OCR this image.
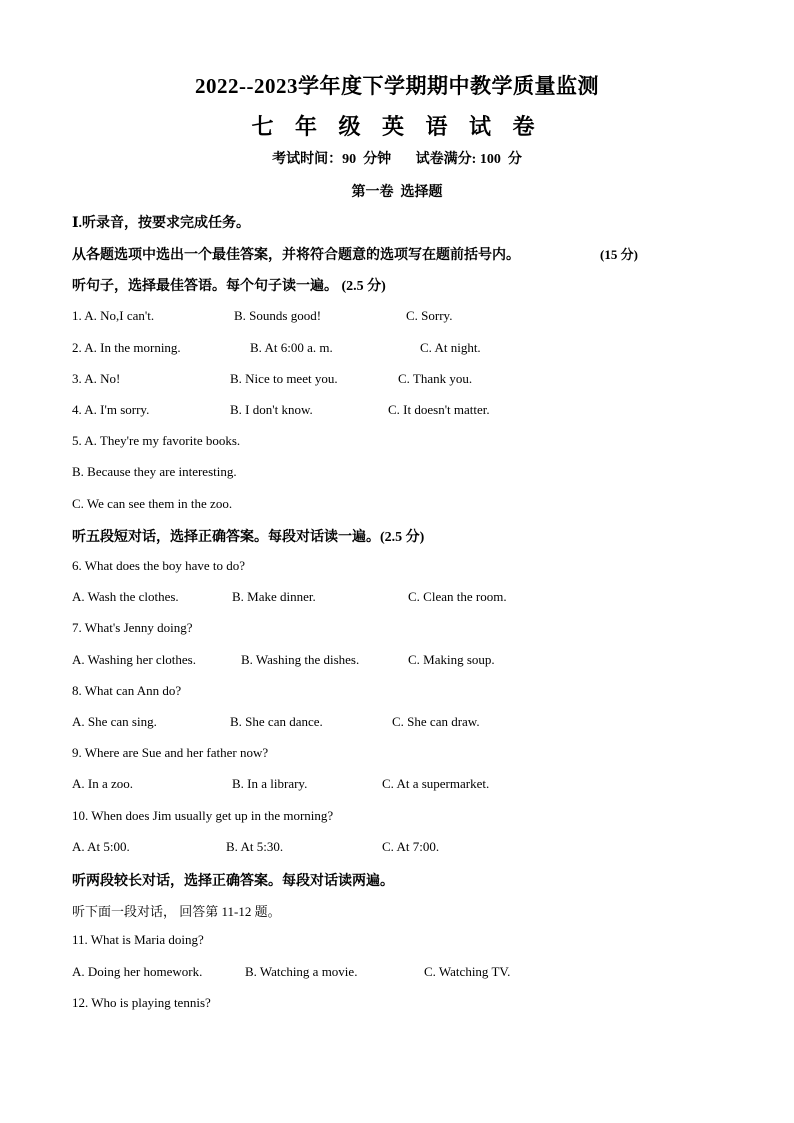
2022--2023学年度下学期期中教学质量监测
七 年 级 英 语 试 卷
考试时间：90  分钟       试卷满分: 100  分
第一卷  选择题
Ⅰ.听录音，按要求完成任务。
从各题选项中选出一个最佳答案，并将符合题意的选项写在题前括号内。	(15 分)
听句子，选择最佳答语。每个句子读一遍。 (2.5 分)
1. A. No,I can't.	B. Sounds good!	C. Sorry.
2. A. In the morning.	B. At 6:00 a. m.	C. At night.
3. A. No!	B. Nice to meet you.	C. Thank you.
4. A. I'm sorry.	B. I don't know.	C. It doesn't matter.
5. A. They're my favorite books.
B. Because they are interesting.
C. We can see them in the zoo.
听五段短对话，选择正确答案。每段对话读一遍。(2.5 分)
6. What does the boy have to do?
A. Wash the clothes.	B. Make dinner.	C. Clean the room.
7. What's Jenny doing?
A. Washing her clothes.	B. Washing the dishes.	C. Making soup.
8. What can Ann do?
A. She can sing.	B. She can dance.	C. She can draw.
9. Where are Sue and her father now?
A. In a zoo.	B. In a library.	C. At a supermarket.
10. When does Jim usually get up in the morning?
A. At 5:00.	B. At 5:30.	C. At 7:00.
听两段较长对话，选择正确答案。每段对话读两遍。
听下面一段对话， 回答第 11-12 题。
11. What is Maria doing?
A. Doing her homework.	B. Watching a movie.	C. Watching TV.
12. Who is playing tennis?
